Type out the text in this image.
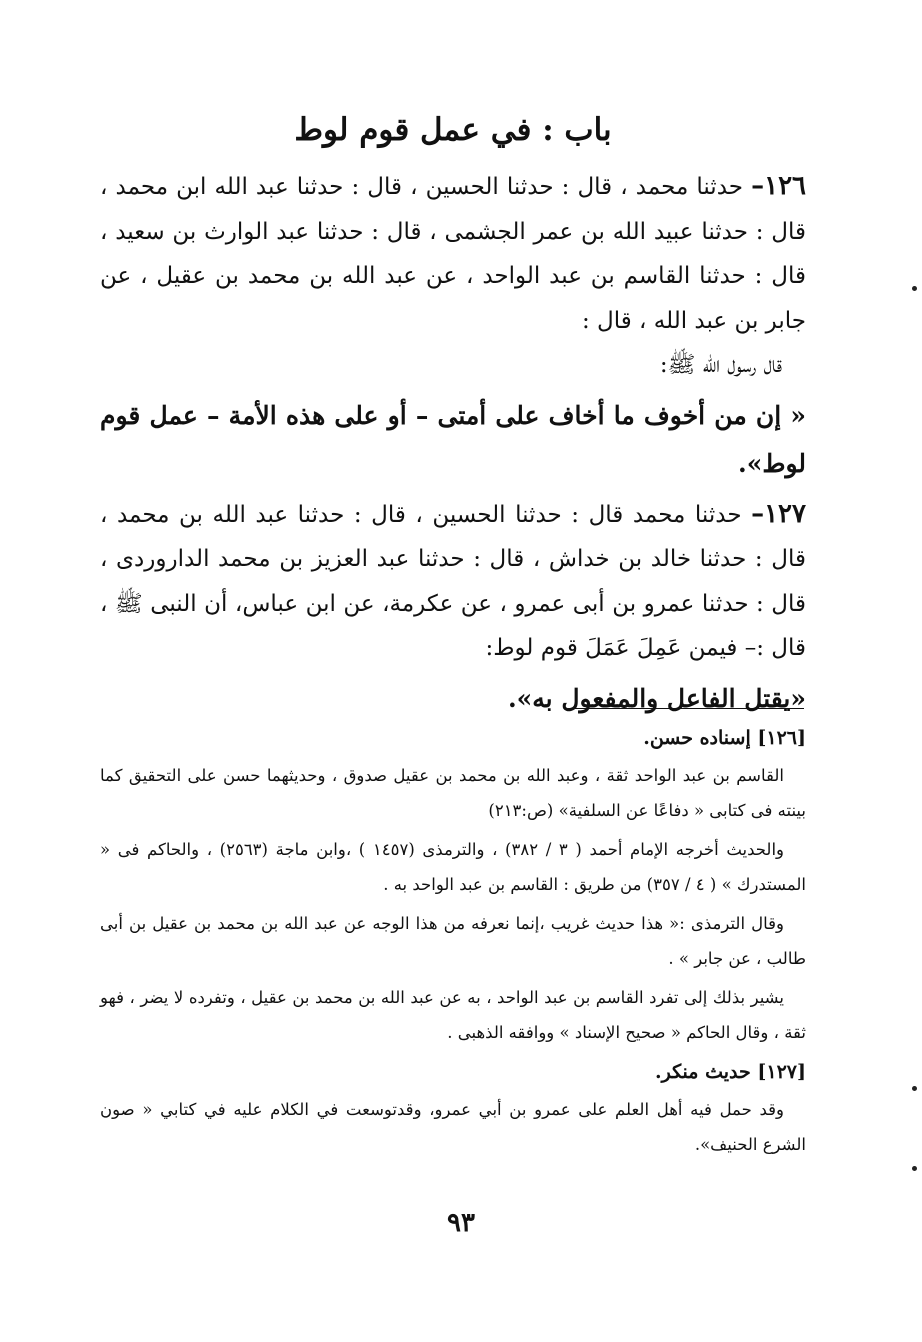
باب : في عمل قوم لوط

١٢٦– حدثنا محمد ، قال : حدثنا الحسين ، قال : حدثنا عبد الله ابن محمد ، قال : حدثنا عبيد الله بن عمر الجشمى ، قال : حدثنا عبد الوارث بن سعيد ، قال : حدثنا القاسم بن عبد الواحد ، عن عبد الله بن محمد بن عقيل ، عن جابر بن عبد الله ، قال :

قال رسول الله ﷺ:

« إن من أخوف ما أخاف على أمتى – أو على هذه الأمة – عمل قوم لوط».

١٢٧– حدثنا محمد قال : حدثنا الحسين ، قال : حدثنا عبد الله بن محمد ، قال : حدثنا خالد بن خداش ، قال : حدثنا عبد العزيز بن محمد الداروردى ، قال : حدثنا عمرو بن أبى عمرو ، عن عكرمة، عن ابن عباس، أن النبى ﷺ ، قال :– فيمن عَمِلَ عَمَلَ قوم لوط:

«يقتل الفاعل والمفعول به».

[١٢٦] إسناده حسن.

القاسم بن عبد الواحد ثقة ، وعبد الله بن محمد بن عقيل صدوق ، وحديثهما حسن على التحقيق كما بينته فى كتابى « دفاعًا عن السلفية» (ص:٢١٣)

والحديث أخرجه الإمام أحمد ( ٣ / ٣٨٢) ، والترمذى (١٤٥٧ ) ،وابن ماجة (٢٥٦٣) ، والحاكم فى « المستدرك » ( ٤ / ٣٥٧) من طريق : القاسم بن عبد الواحد به .

وقال الترمذى :« هذا حديث غريب ،إنما نعرفه من هذا الوجه عن عبد الله بن محمد بن عقيل بن أبى طالب ، عن جابر » .

يشير بذلك إلى تفرد القاسم بن عبد الواحد ، به عن عبد الله بن محمد بن عقيل ، وتفرده لا يضر ، فهو ثقة ، وقال الحاكم « صحيح الإسناد » ووافقه الذهبى .

[١٢٧] حديث منكر.

وقد حمل فيه أهل العلم على عمرو بن أبي عمرو، وقدتوسعت في الكلام عليه في كتابي « صون الشرع الحنيف».

٩٣
